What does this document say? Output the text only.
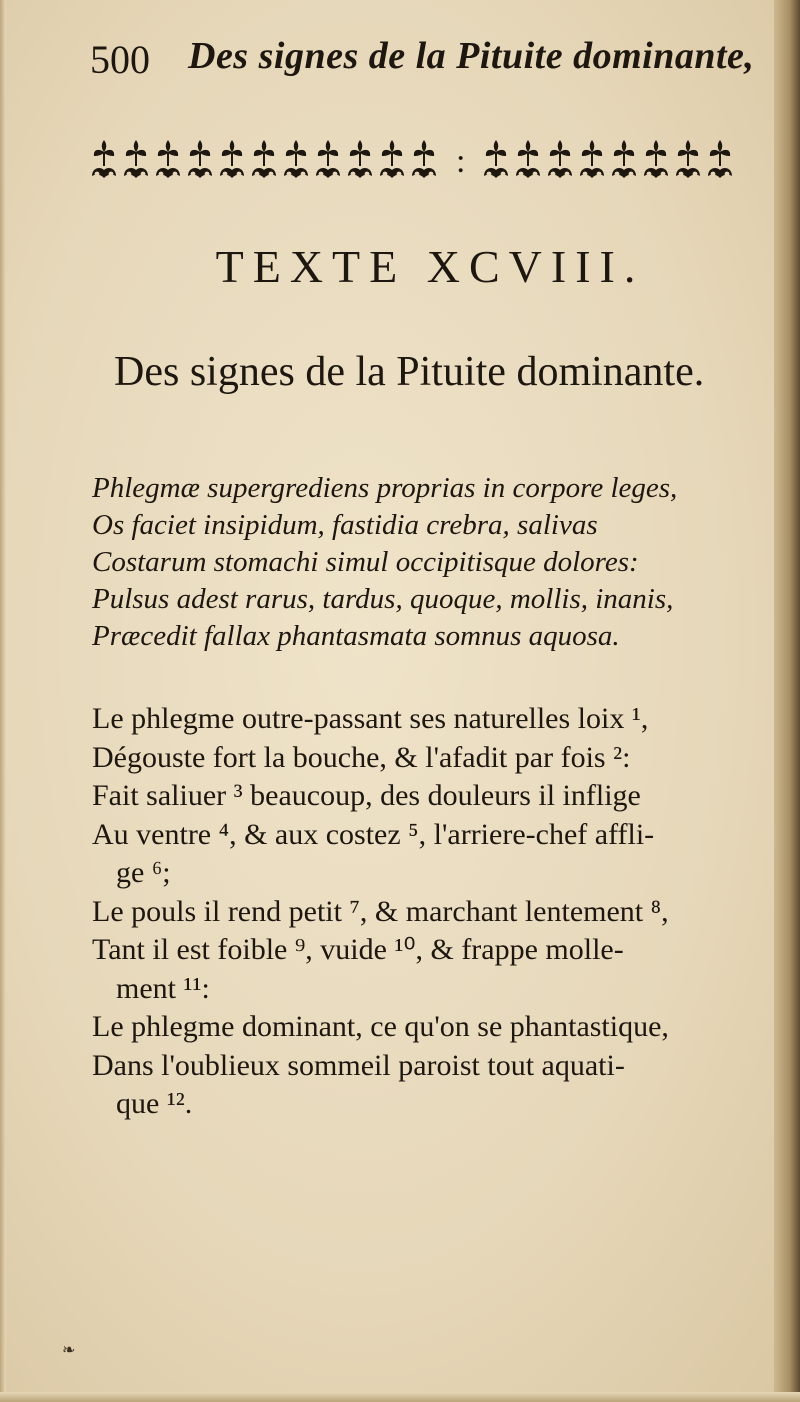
500 Des signes de la Pituite dominante,
:
TEXTE XCVIII.
Des signes de la Pituite dominante.
Phlegmæ supergrediens proprias in corpore leges,
Os faciet insipidum, fastidia crebra, salivas
Costarum stomachi simul occipitisque dolores:
Pulsus adest rarus, tardus, quoque, mollis, inanis,
Præcedit fallax phantasmata somnus aquosa.
Le phlegme outre-passant ses naturelles loix ¹,
Dégouste fort la bouche, & l'afadit par fois ²:
Fait saliuer ³ beaucoup, des douleurs il inflige
Au ventre ⁴, & aux costez ⁵, l'arriere-chef affli-
ge ⁶;
Le pouls il rend petit ⁷, & marchant lentement ⁸,
Tant il est foible ⁹, vuide ¹⁰, & frappe molle-
ment ¹¹:
Le phlegme dominant, ce qu'on se phantastique,
Dans l'oublieux sommeil paroist tout aquati-
que ¹².
❧
